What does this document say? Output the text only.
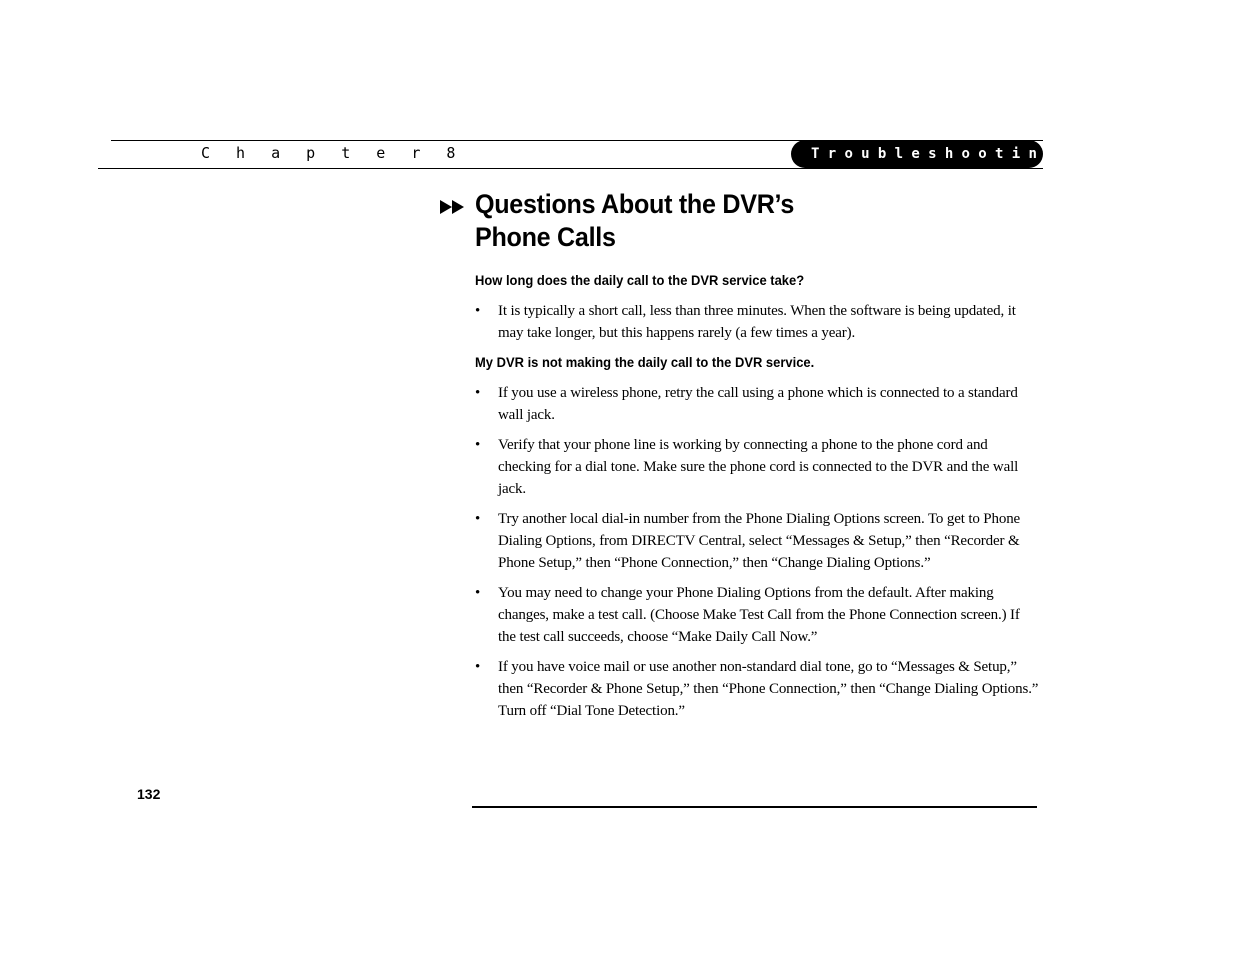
C h a p t e r 8	Troubleshooting
Questions About the DVR’s
Phone Calls

How long does the daily call to the DVR service take?

• It is typically a short call, less than three minutes. When the software is being updated, it may take longer, but this happens rarely (a few times a year).

My DVR is not making the daily call to the DVR service.

• If you use a wireless phone, retry the call using a phone which is connected to a standard wall jack.
• Verify that your phone line is working by connecting a phone to the phone cord and checking for a dial tone. Make sure the phone cord is connected to the DVR and the wall jack.
• Try another local dial-in number from the Phone Dialing Options screen. To get to Phone Dialing Options, from DIRECTV Central, select “Messages & Setup,” then “Recorder & Phone Setup,” then “Phone Connection,” then “Change Dialing Options.”
• You may need to change your Phone Dialing Options from the default. After making changes, make a test call. (Choose Make Test Call from the Phone Connection screen.) If the test call succeeds, choose “Make Daily Call Now.”
• If you have voice mail or use another non-standard dial tone, go to “Messages & Setup,” then “Recorder & Phone Setup,” then “Phone Connection,” then “Change Dialing Options.” Turn off “Dial Tone Detection.”
132
